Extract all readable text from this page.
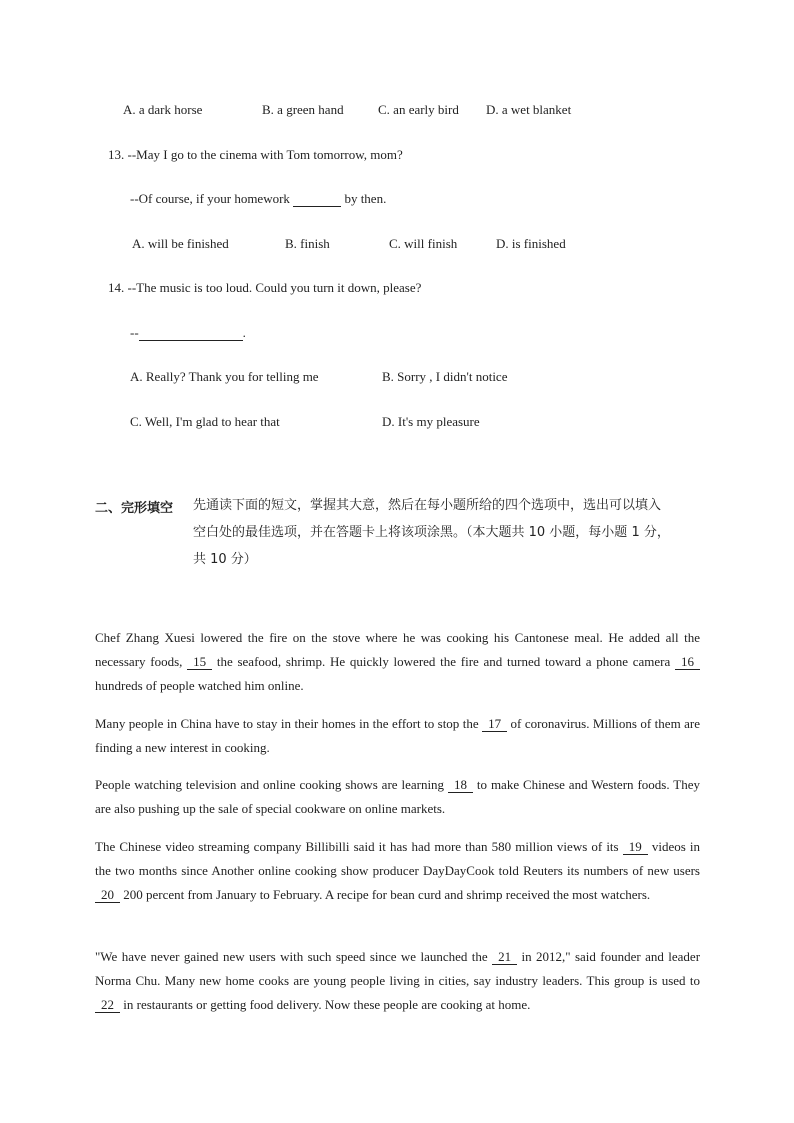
A. a dark horse	B. a green hand	C. an early bird D. a wet blanket
13. --May I go to the cinema with Tom tomorrow, mom?
--Of course, if your homework	by then.
A. will be finished	B. finish	C. will finish	D. is finished
14. --The music is too loud. Could you turn it down, please?
--	.
A. Really? Thank you for telling me	B. Sorry , I didn't notice
C. Well, I'm glad to hear that	D. It's my pleasure
二、完形填空 先通读下面的短文，掌握其大意，然后在每小题所给的四个选项中，选出可以填入
空白处的最佳选项，并在答题卡上将该项涂黑。（本大题共 10 小题，每小题 1 分，
共 10 分）

Chef Zhang Xuesi lowered the fire on the stove where he was cooking his Cantonese meal. He added all the necessary foods, 15 the seafood, shrimp. He quickly lowered the fire and turned toward a phone camera 16 hundreds of people watched him online.

Many people in China have to stay in their homes in the effort to stop the 17 of coronavirus. Millions of them are finding a new interest in cooking.

People watching television and online cooking shows are learning 18 to make Chinese and Western foods. They are also pushing up the sale of special cookware on online markets.

The Chinese video streaming company Billibilli said it has had more than 580 million views of its 19 videos in the two months since Another online cooking show producer DayDayCook told Reuters its numbers of new users 20 200 percent from January to February. A recipe for bean curd and shrimp received the most watchers.

"We have never gained new users with such speed since we launched the 21 in 2012," said founder and leader Norma Chu. Many new home cooks are young people living in cities, say industry leaders. This group is used to 22 in restaurants or getting food delivery. Now these people are cooking at home.
